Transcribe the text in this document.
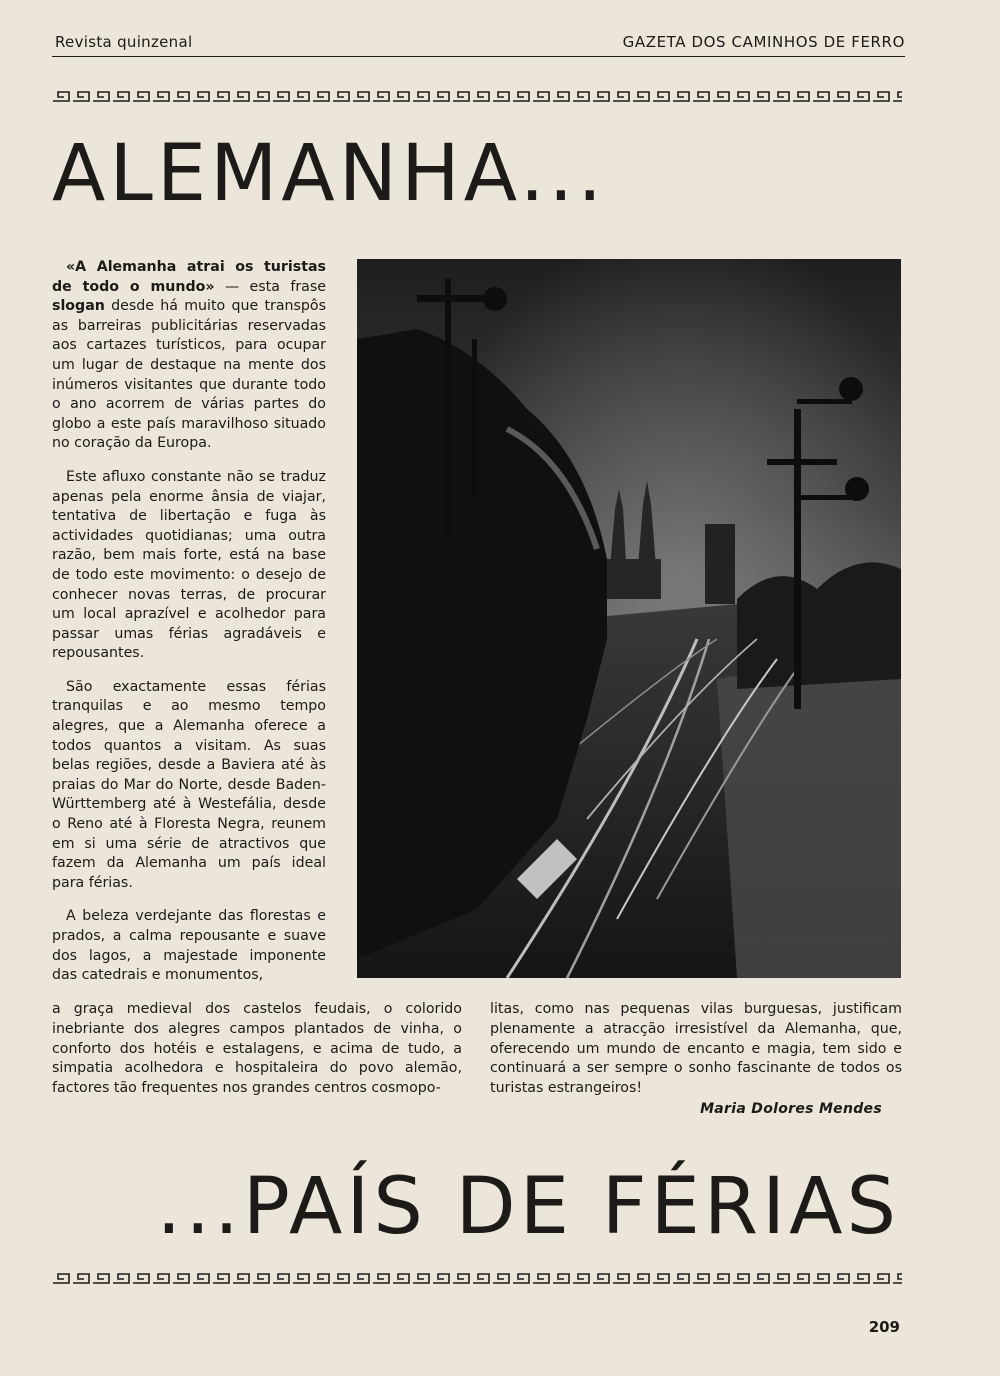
Revista quinzenal	GAZETA DOS CAMINHOS DE FERRO
ALEMANHA...

«A Alemanha atrai os turistas de todo o mundo» — esta frase slogan desde há muito que transpôs as barreiras publicitárias reservadas aos cartazes turísticos, para ocupar um lugar de destaque na mente dos inúmeros visitantes que durante todo o ano acorrem de várias partes do globo a este país maravilhoso situado no coração da Europa.

Este afluxo constante não se traduz apenas pela enorme ânsia de viajar, tentativa de libertação e fuga às actividades quotidianas; uma outra razão, bem mais forte, está na base de todo este movimento: o desejo de conhecer novas terras, de procurar um local aprazível e acolhedor para passar umas férias agradáveis e repousantes.

São exactamente essas férias tranquilas e ao mesmo tempo alegres, que a Alemanha oferece a todos quantos a visitam. As suas belas regiões, desde a Baviera até às praias do Mar do Norte, desde Baden-Württemberg até à Westefália, desde o Reno até à Floresta Negra, reunem em si uma série de atractivos que fazem da Alemanha um país ideal para férias.

A beleza verdejante das florestas e prados, a calma repousante e suave dos lagos, a majestade imponente das catedrais e monumentos,

a graça medieval dos castelos feudais, o colorido inebriante dos alegres campos plantados de vinha, o conforto dos hotéis e estalagens, e acima de tudo, a simpatia acolhedora e hospitaleira do povo alemão, factores tão frequentes nos grandes centros cosmopo-

litas, como nas pequenas vilas burguesas, justificam plenamente a atracção irresistível da Alemanha, que, oferecendo um mundo de encanto e magia, tem sido e continuará a ser sempre o sonho fascinante de todos os turistas estrangeiros!

Maria Dolores Mendes
...PAÍS DE FÉRIAS
209
